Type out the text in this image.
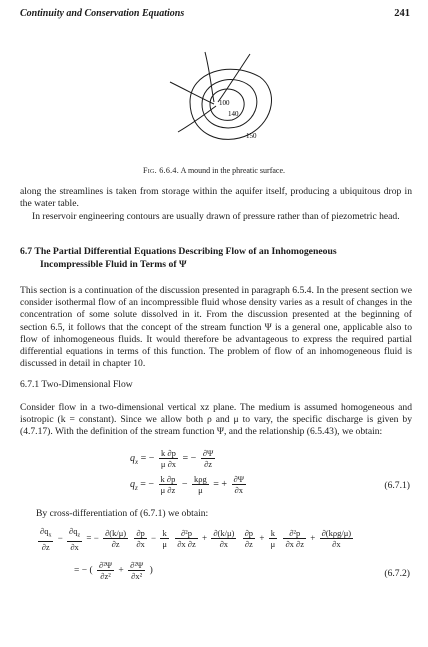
Continuity and Conservation Equations	241
100
140
150
Fig. 6.6.4. A mound in the phreatic surface.
along the streamlines is taken from storage within the aquifer itself, producing a ubiquitous drop in the water table.
In reservoir engineering contours are usually drawn of pressure rather than of piezometric head.
6.7 The Partial Differential Equations Describing Flow of an Inhomogeneous
Incompressible Fluid in Terms of Ψ
This section is a continuation of the discussion presented in paragraph 6.5.4. In the present section we consider isothermal flow of an incompressible fluid whose density varies as a result of changes in the concentration of some solute dissolved in it. From the discussion presented at the beginning of section 6.5, it follows that the concept of the stream function Ψ is a general one, applicable also to flow of inhomogeneous fluids. It would therefore be advantageous to express the required partial differential equations in terms of this function. The problem of flow of an inhomogeneous fluid is discussed in detail in chapter 10.
6.7.1 Two-Dimensional Flow
Consider flow in a two-dimensional vertical xz plane. The medium is assumed homogeneous and isotropic (k = constant). Since we allow both ρ and μ to vary, the specific discharge is given by (4.7.17). With the definition of the stream function Ψ, and the relationship (6.5.43), we obtain:
$q_x$ = − $\frac{k \partial p}{\mu \partial x}$ = − $\frac{\partial\Psi}{\partial z}$
$q_z$ = − $\frac{k \partial p}{\mu \partial z} - \frac{\text{kρg}}{\mu}$ = + $\frac{\partial\Psi}{\partial x}$	(6.7.1)
By cross-differentiation of (6.7.1) we obtain:
$\frac{\partial q_x}{\partial z} - \frac{\partial q_z}{\partial x}$ = − $\frac{\partial(k/\mu)}{\partial z}$
$\frac{\partial p}{\partial x} - \frac{k}{\mu}$
$\frac{\text{∂²p}}{\partial x \partial z} + \frac{\partial(k/\mu)}{\partial x}$
$\frac{\partial p}{\partial z} + \frac{k}{\mu}$
$\frac{\text{∂²p}}{\partial x \partial z} + \frac{\text{∂(kρg/μ)}}{\partial x}$
= − ( $\frac{\text{∂²Ψ}}{\text{∂z²}} + \frac{\text{∂²Ψ}}{\text{∂x²}}$ )	(6.7.2)
